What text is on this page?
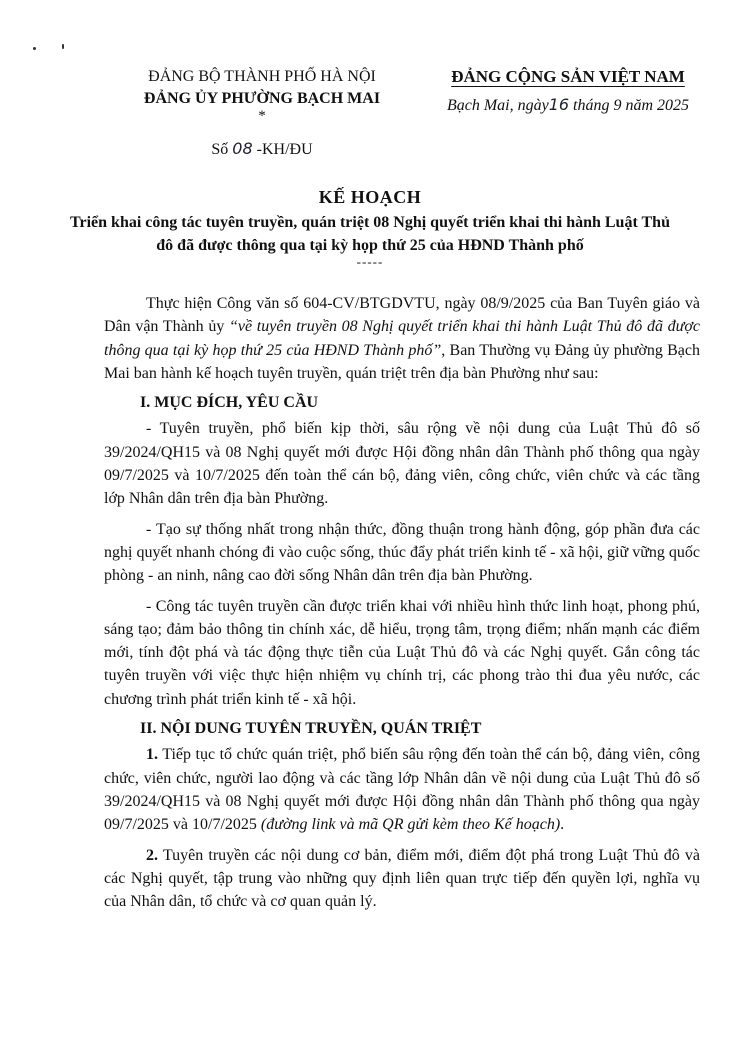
ĐẢNG BỘ THÀNH PHỐ HÀ NỘI
ĐẢNG ỦY PHƯỜNG BẠCH MAI
*
Số 08 -KH/ĐU
ĐẢNG CỘNG SẢN VIỆT NAM
Bạch Mai, ngày16 tháng 9 năm 2025
KẾ HOẠCH
Triển khai công tác tuyên truyền, quán triệt 08 Nghị quyết triển khai thi hành Luật Thủ đô đã được thông qua tại kỳ họp thứ 25 của HĐND Thành phố
-----

Thực hiện Công văn số 604-CV/BTGDVTU, ngày 08/9/2025 của Ban Tuyên giáo và Dân vận Thành ủy “về tuyên truyền 08 Nghị quyết triển khai thi hành Luật Thủ đô đã được thông qua tại kỳ họp thứ 25 của HĐND Thành phố”, Ban Thường vụ Đảng ủy phường Bạch Mai ban hành kế hoạch tuyên truyền, quán triệt trên địa bàn Phường như sau:

I. MỤC ĐÍCH, YÊU CẦU

- Tuyên truyền, phổ biến kịp thời, sâu rộng về nội dung của Luật Thủ đô số 39/2024/QH15 và 08 Nghị quyết mới được Hội đồng nhân dân Thành phố thông qua ngày 09/7/2025 và 10/7/2025 đến toàn thể cán bộ, đảng viên, công chức, viên chức và các tầng lớp Nhân dân trên địa bàn Phường.

- Tạo sự thống nhất trong nhận thức, đồng thuận trong hành động, góp phần đưa các nghị quyết nhanh chóng đi vào cuộc sống, thúc đẩy phát triển kinh tế - xã hội, giữ vững quốc phòng - an ninh, nâng cao đời sống Nhân dân trên địa bàn Phường.

- Công tác tuyên truyền cần được triển khai với nhiều hình thức linh hoạt, phong phú, sáng tạo; đảm bảo thông tin chính xác, dễ hiểu, trọng tâm, trọng điểm; nhấn mạnh các điểm mới, tính đột phá và tác động thực tiễn của Luật Thủ đô và các Nghị quyết. Gắn công tác tuyên truyền với việc thực hiện nhiệm vụ chính trị, các phong trào thi đua yêu nước, các chương trình phát triển kinh tế - xã hội.

II. NỘI DUNG TUYÊN TRUYỀN, QUÁN TRIỆT

1. Tiếp tục tổ chức quán triệt, phổ biến sâu rộng đến toàn thể cán bộ, đảng viên, công chức, viên chức, người lao động và các tầng lớp Nhân dân về nội dung của Luật Thủ đô số 39/2024/QH15 và 08 Nghị quyết mới được Hội đồng nhân dân Thành phố thông qua ngày 09/7/2025 và 10/7/2025 (đường link và mã QR gửi kèm theo Kế hoạch).

2. Tuyên truyền các nội dung cơ bản, điểm mới, điểm đột phá trong Luật Thủ đô và các Nghị quyết, tập trung vào những quy định liên quan trực tiếp đến quyền lợi, nghĩa vụ của Nhân dân, tổ chức và cơ quan quản lý.
